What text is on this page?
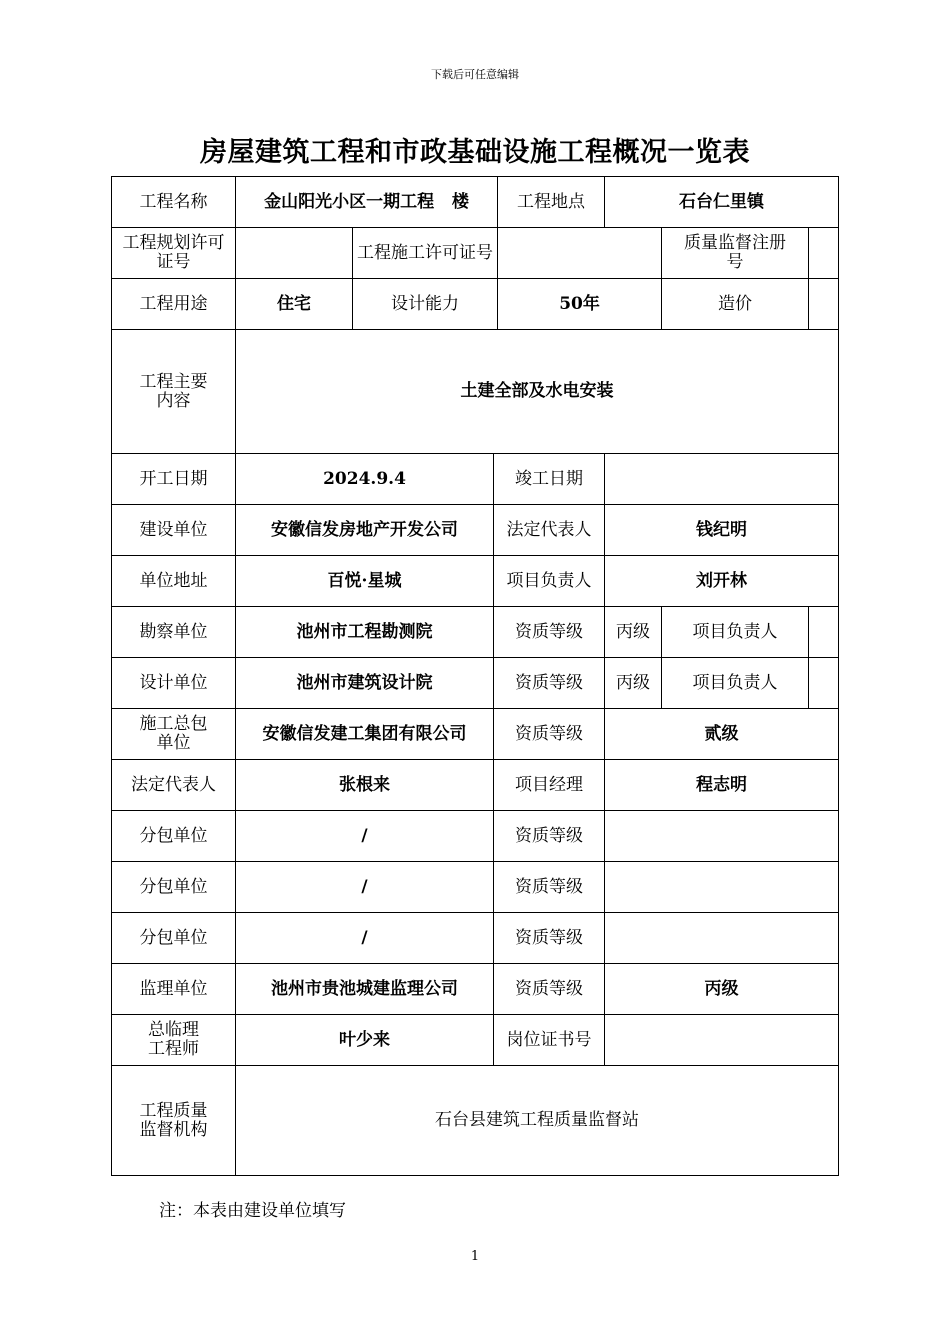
下载后可任意编辑
房屋建筑工程和市政基础设施工程概况一览表
工程名称	金山阳光小区一期工程   楼			工程地点	石台仁里镇		
工程规划许可证号		工程施工许可证号				质量监督注册号	
工程用途	住宅	设计能力		50年		造价	
工程主要内容	土建全部及水电安装						
开工日期	2024.9.4		竣工日期				
建设单位	安徽信发房地产开发公司		法定代表人		钱纪明		
单位地址	百悦·星城		项目负责人		刘开林		
勘察单位	池州市工程勘测院		资质等级		丙级	项目负责人	
设计单位	池州市建筑设计院		资质等级		丙级	项目负责人	
施工总包单位	安徽信发建工集团有限公司		资质等级		贰级		
法定代表人	张根来		项目经理		程志明		
分包单位	/		资质等级				
分包单位	/		资质等级				
分包单位	/		资质等级				
监理单位	池州市贵池城建监理公司		资质等级		丙级		
总临理工程师	叶少来		岗位证书号				
工程质量监督机构	石台县建筑工程质量监督站						
注：本表由建设单位填写
1
